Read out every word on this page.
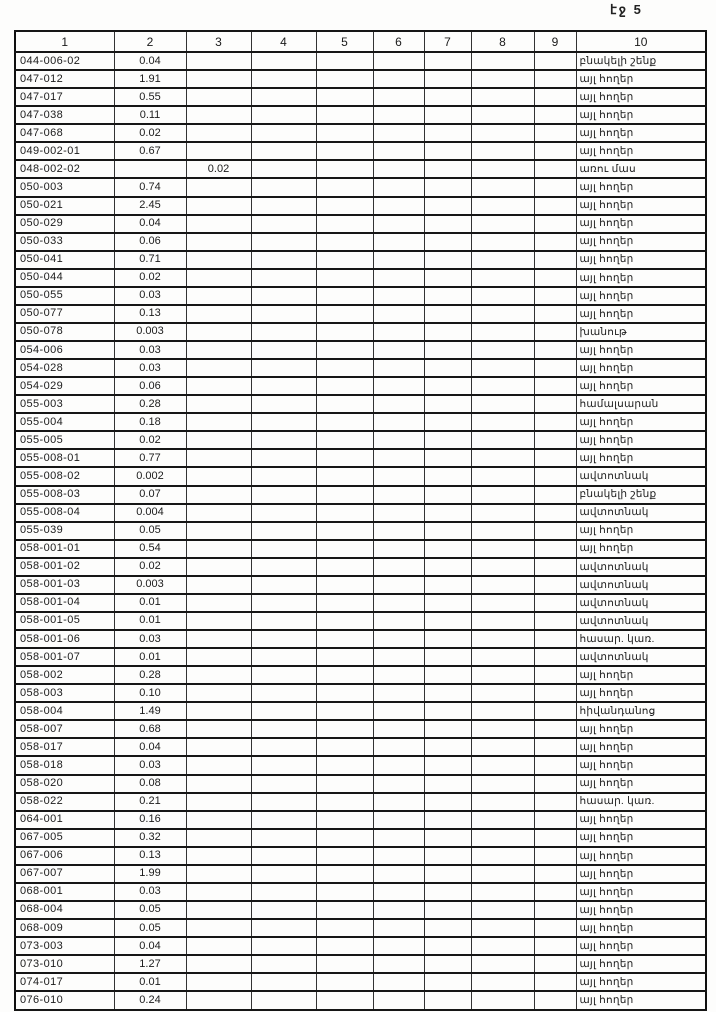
էջ 5
1	2	3	4	5	6	7	8	9	10
044-006-02	0.04								բնակելի շենք
047-012	1.91								այլ հողեր
047-017	0.55								այլ հողեր
047-038	0.11								այլ հողեր
047-068	0.02								այլ հողեր
049-002-01	0.67								այլ հողեր
048-002-02		0.02							առու մաս
050-003	0.74								այլ հողեր
050-021	2.45								այլ հողեր
050-029	0.04								այլ հողեր
050-033	0.06								այլ հողեր
050-041	0.71								այլ հողեր
050-044	0.02								այլ հողեր
050-055	0.03								այլ հողեր
050-077	0.13								այլ հողեր
050-078	0.003								խանութ
054-006	0.03								այլ հողեր
054-028	0.03								այլ հողեր
054-029	0.06								այլ հողեր
055-003	0.28								համալսարան
055-004	0.18								այլ հողեր
055-005	0.02								այլ հողեր
055-008-01	0.77								այլ հողեր
055-008-02	0.002								ավտոտնակ
055-008-03	0.07								բնակելի շենք
055-008-04	0.004								ավտոտնակ
055-039	0.05								այլ հողեր
058-001-01	0.54								այլ հողեր
058-001-02	0.02								ավտոտնակ
058-001-03	0.003								ավտոտնակ
058-001-04	0.01								ավտոտնակ
058-001-05	0.01								ավտոտնակ
058-001-06	0.03								հասար. կառ.
058-001-07	0.01								ավտոտնակ
058-002	0.28								այլ հողեր
058-003	0.10								այլ հողեր
058-004	1.49								հիվանդանոց
058-007	0.68								այլ հողեր
058-017	0.04								այլ հողեր
058-018	0.03								այլ հողեր
058-020	0.08								այլ հողեր
058-022	0.21								հասար. կառ.
064-001	0.16								այլ հողեր
067-005	0.32								այլ հողեր
067-006	0.13								այլ հողեր
067-007	1.99								այլ հողեր
068-001	0.03								այլ հողեր
068-004	0.05								այլ հողեր
068-009	0.05								այլ հողեր
073-003	0.04								այլ հողեր
073-010	1.27								այլ հողեր
074-017	0.01								այլ հողեր
076-010	0.24								այլ հողեր
